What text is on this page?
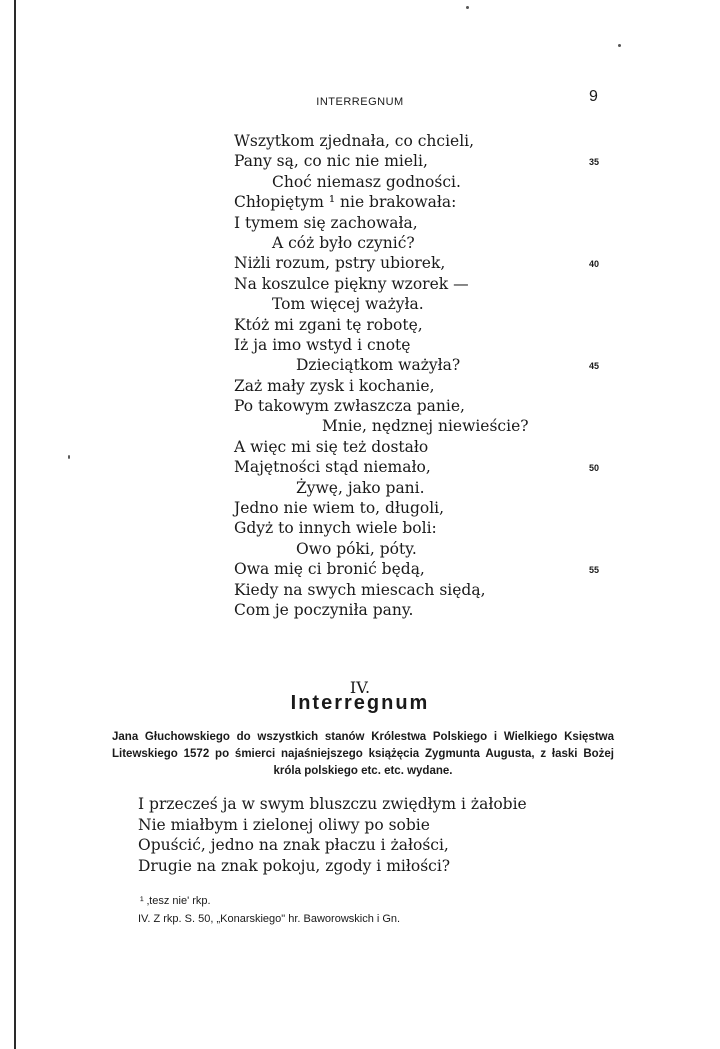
INTERREGNUM	9
Wszytkom zjednała, co chcieli,
Pany są, co nic nie mieli,
Choć niemasz godności.
Chłopiętym ¹ nie brakowała:
I tymem się zachowała,
A cóż było czynić?
Niżli rozum, pstry ubiorek,
Na koszulce piękny wzorek —
Tom więcej ważyła.
Któż mi zgani tę robotę,
Iż ja imo wstyd i cnotę
Dzieciątkom ważyła?
Zaż mały zysk i kochanie,
Po takowym zwłaszcza panie,
Mnie, nędznej niewieście?
A więc mi się też dostało
Majętności stąd niemało,
Żywę, jako pani.
Jedno nie wiem to, długoli,
Gdyż to innych wiele boli:
Owo póki, póty.
Owa mię ci bronić będą,
Kiedy na swych miescach siędą,
Com je poczyniła pany.
IV.
Interregnum
Jana Głuchowskiego do wszystkich stanów Królestwa Polskiego i Wielkiego Księstwa Litewskiego 1572 po śmierci najaśniejszego książęcia Zygmunta Augusta, z łaski Bożej króla polskiego etc. etc. wydane.
I przecześ ja w swym bluszczu zwiędłym i żałobie
Nie miałbym i zielonej oliwy po sobie
Opuścić, jedno na znak płaczu i żałości,
Drugie na znak pokoju, zgody i miłości?
¹ ‚tesz nie' rkp.
IV. Z rkp. S. 50, „Konarskiego" hr. Baworowskich i Gn.
35
40
45
50
55
